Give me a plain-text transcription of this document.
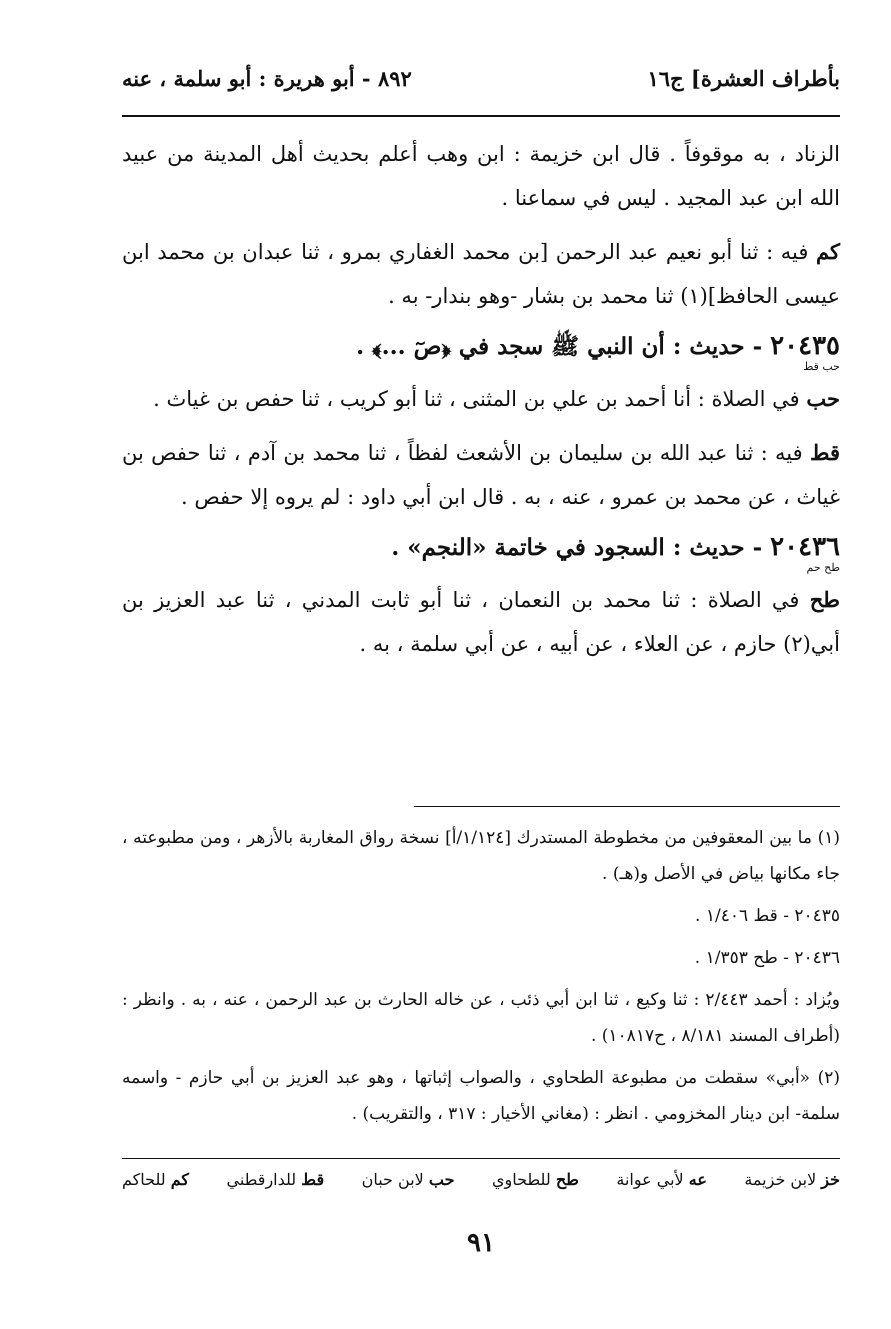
بأطراف العشرة] ج١٦
٨٩٢ - أبو هريرة : أبو سلمة ، عنه

الزناد ، به موقوفاً . قال ابن خزيمة : ابن وهب أعلم بحديث أهل المدينة من عبيد الله ابن عبد المجيد . ليس في سماعنا .

كم فيه : ثنا أبو نعيم عبد الرحمن [بن محمد الغفاري بمرو ، ثنا عبدان بن محمد ابن عيسى الحافظ](١) ثنا محمد بن بشار -وهو بندار- به .

٢٠٤٣٥ - حديث : أن النبي ﷺ سجد في ﴿صٓ ...﴾ .
حب قط

حب في الصلاة : أنا أحمد بن علي بن المثنى ، ثنا أبو كريب ، ثنا حفص بن غياث .

قط فيه : ثنا عبد الله بن سليمان بن الأشعث لفظاً ، ثنا محمد بن آدم ، ثنا حفص بن غياث ، عن محمد بن عمرو ، عنه ، به . قال ابن أبي داود : لم يروه إلا حفص .

٢٠٤٣٦ - حديث : السجود في خاتمة «النجم» .
طح حم

طح في الصلاة : ثنا محمد بن النعمان ، ثنا أبو ثابت المدني ، ثنا عبد العزيز بن أبي(٢) حازم ، عن العلاء ، عن أبيه ، عن أبي سلمة ، به .

(١) ما بين المعقوفين من مخطوطة المستدرك [١/١٢٤/أ] نسخة رواق المغاربة بالأزهر ، ومن مطبوعته ، جاء مكانها بياض في الأصل و(هـ) .

٢٠٤٣٥ - قط ١/٤٠٦ .

٢٠٤٣٦ - طح ١/٣٥٣ .

ويُزاد : أحمد ٢/٤٤٣ : ثنا وكيع ، ثنا ابن أبي ذئب ، عن خاله الحارث بن عبد الرحمن ، عنه ، به . وانظر : (أطراف المسند ٨/١٨١ ، ح١٠٨١٧) .

(٢) «أبي» سقطت من مطبوعة الطحاوي ، والصواب إثباتها ، وهو عبد العزيز بن أبي حازم - واسمه سلمة- ابن دينار المخزومي . انظر : (مغاني الأخيار : ٣١٧ ، والتقريب) .

خز لابن خزيمة
عه لأبي عوانة
طح للطحاوي
حب لابن حبان
قط للدارقطني
كم للحاكم
٩١
